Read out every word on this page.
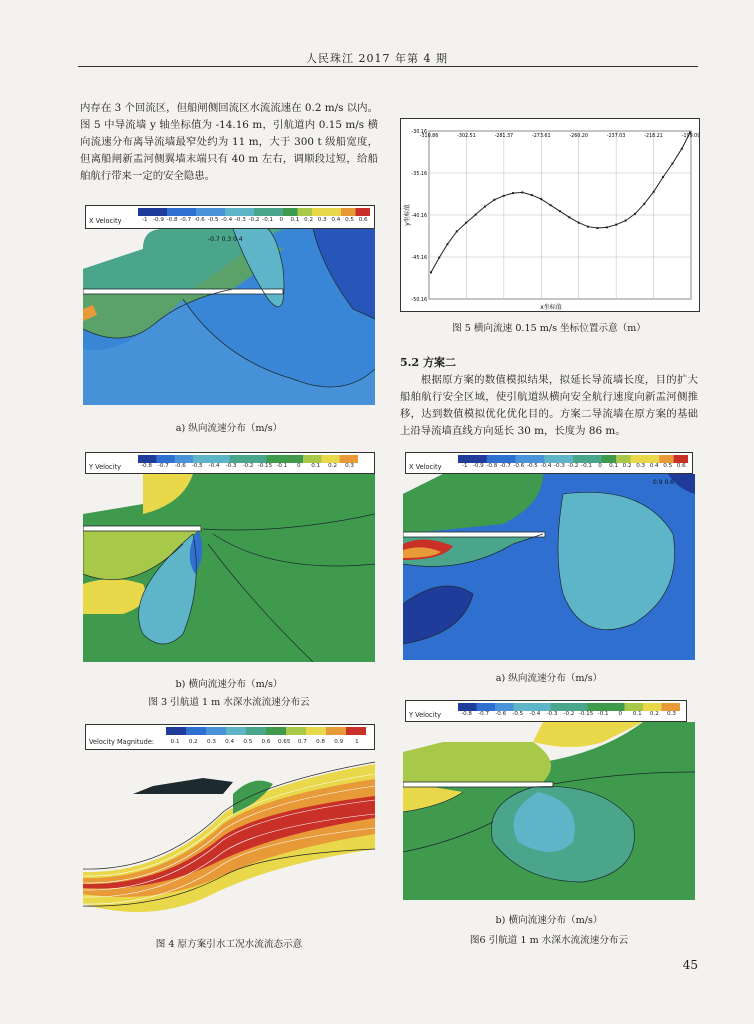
人民珠江 2017 年第 4 期
内存在 3 个回流区，但船闸侧回流区水流流速在 0.2 m/s 以内。图 5 中导流墙 y 轴坐标值为 -14.16 m，引航道内 0.15 m/s 横向流速分布离导流墙最窄处约为 11 m，大于 300 t 级船宽度，但离船闸新盂河侧翼墙末端只有 40 m 左右，调顺段过短，给船舶航行带来一定的安全隐患。
X Velocity	-1 -0.9 -0.8 -0.7 -0.6 -0.5 -0.4 -0.3 -0.2 -0.1 0 0.1 0.2 0.3 0.4 0.5 0.6
-0.7 0.3 0.4
a) 纵向流速分布（m/s）
Y Velocity	-0.8 -0.7 -0.6 -0.5 -0.4 -0.3 -0.2 -0.15 -0.1 0 0.1 0.2 0.3
b) 横向流速分布（m/s）
图 3 引航道 1 m 水深水流流速分布云
Velocity Magnitude:	0.1 0.2 0.3 0.4 0.5 0.6 0.65 0.7 0.8 0.9 1
图 4 原方案引水工况水流流态示意
-310.86	-302.51	-281.37	-273.61	-260.20	-237.03	-218.21	-199.09
-30.16
-35.16
-40.16
-45.16
-50.16
x坐标值
y坐标值
图 5 横向流速 0.15 m/s 坐标位置示意（m）
5.2 方案二
根据原方案的数值模拟结果，拟延长导流墙长度，目的扩大船舶航行安全区域，使引航道纵横向安全航行速度向新盂河侧推移，达到数值模拟优化优化目的。方案二导流墙在原方案的基础上沿导流墙直线方向延长 30 m，长度为 86 m。
X Velocity	-1 -0.9 -0.8 -0.7 -0.6 -0.5 -0.4 -0.3 -0.2 -0.1 0 0.1 0.2 0.3 0.4 0.5 0.6
0.9 0.6
a) 纵向流速分布（m/s）
Y Velocity	-0.8 -0.7 -0.6 -0.5 -0.4 -0.3 -0.2 -0.15 -0.1 0 0.1 0.2 0.3
b) 横向流速分布（m/s）
图6 引航道 1 m 水深水流流速分布云
45
